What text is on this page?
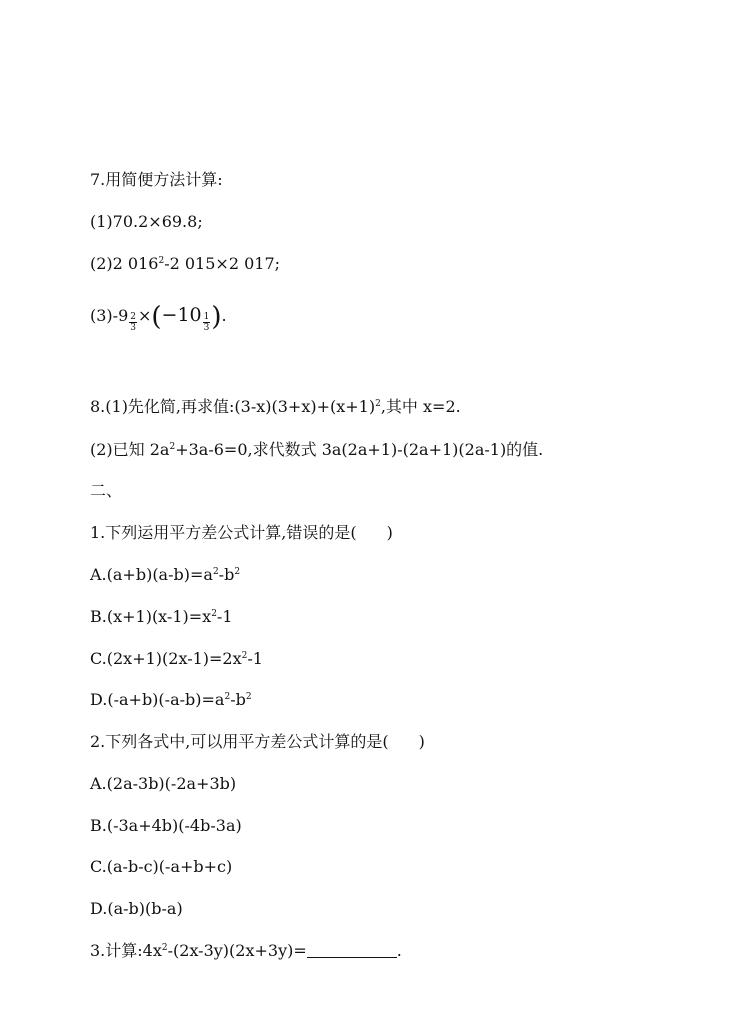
7.用简便方法计算:
(1)70.2×69.8;
(2)2 $016^2-2$ 015×2 017;
$(3)-9 \frac{2}{3} \times(-10 \frac{1}{3}$ ).
8.(1)先化简,再求值$:(3-x)(3+x)+(x+1)^2$,其中 x=2.
(2)已知 $2a^2+3a-6=0$,求代数式 3a(2a+1)-(2a+1)(2a-1)的值.
二、
1.下列运用平方差公式计算,错误的是( )
$A.(a+b)(a-b)=a^2-b^2$
$B.(x+1)(x-1)=x^2-1$
$C.(2x+1)(2x-1)=2x^2-1$
$D.(-a+b)(-a-b)=a^2-b^2$
2.下列各式中,可以用平方差公式计算的是( )
A.(2a-3b)(-2a+3b)
B.(-3a+4b)(-4b-3a)
C.(a-b-c)(-a+b+c)
D.(a-b)(b-a)
3.计算$:4x^2-(2x-3y)(2x+3y)=$	.
